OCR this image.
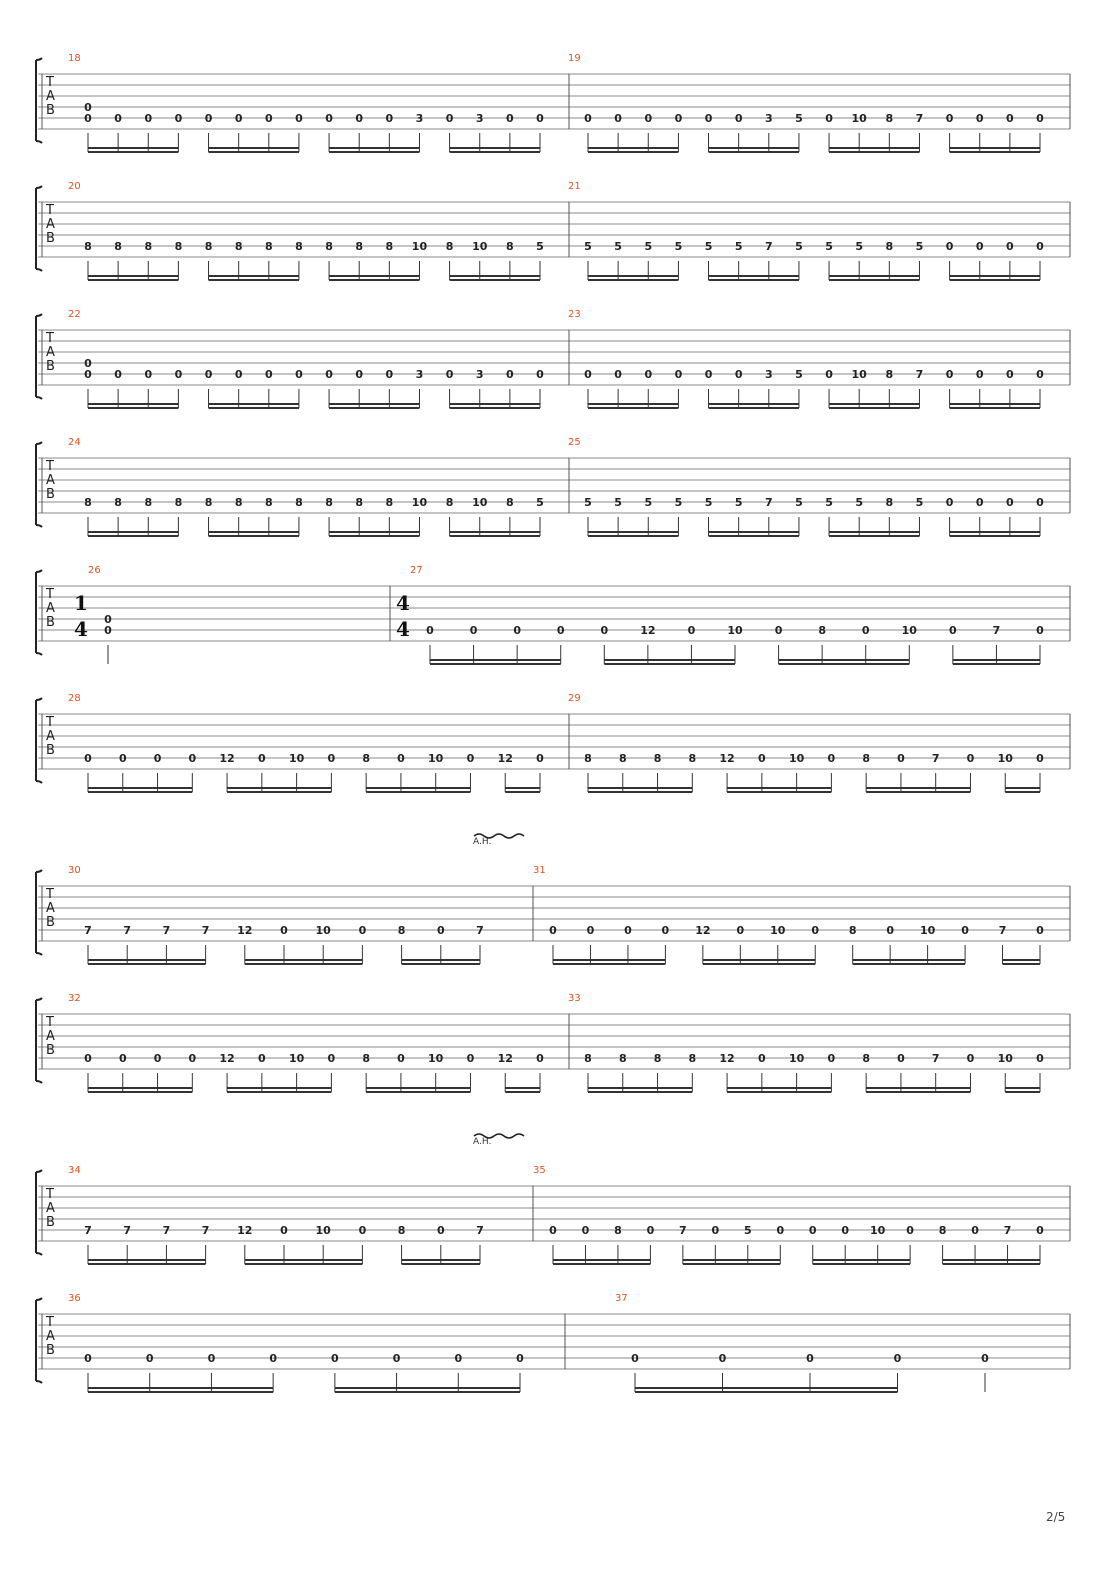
T
A
B
18
0 0 0 0 0 0 0 0 0 0 0 3 0 3 0 0
0
19
0 0 0 0 0 0 3 5 0 10 8 7 0 0 0 0
T
A
B
20
8 8 8 8 8 8 8 8 8 8 8 10 8 10 8 5
21
5 5 5 5 5 5 7 5 5 5 8 5 0 0 0 0
T
A
B
22
0 0 0 0 0 0 0 0 0 0 0 3 0 3 0 0
0
23
0 0 0 0 0 0 3 5 0 10 8 7 0 0 0 0
T
A
B
24
8 8 8 8 8 8 8 8 8 8 8 10 8 10 8 5
25
5 5 5 5 5 5 7 5 5 5 8 5 0 0 0 0
T
A
B
26
1
4 0
0
27
4
4 0	0	0	0	0	12	0	10	0	8	0	10	0	7	0
T
A
B
28
0 0 0 0 12 0 10 0 8 0 10 0 12 0
29
8 8 8 8 12 0 10 0 8 0 7 0 10 0
T
A
B
A.H.
30
7	7	7	7	12	0	10	0	8	0	7
31
0	0	0	0 12 0 10 0	8	0 10 0	7	0
T
A
B
32
0 0 0 0 12 0 10 0 8 0 10 0 12 0
33
8 8 8 8 12 0 10 0 8 0 7 0 10 0
T
A
B
A.H.
34
7	7	7	7	12	0	10	0	8	0	7
35
0 0 8 0 7 0 5 0 0 0 10 0 8 0 7 0
T
A
B
36
0	0	0	0	0	0	0	0
37
0	0	0	0	0
2/5
